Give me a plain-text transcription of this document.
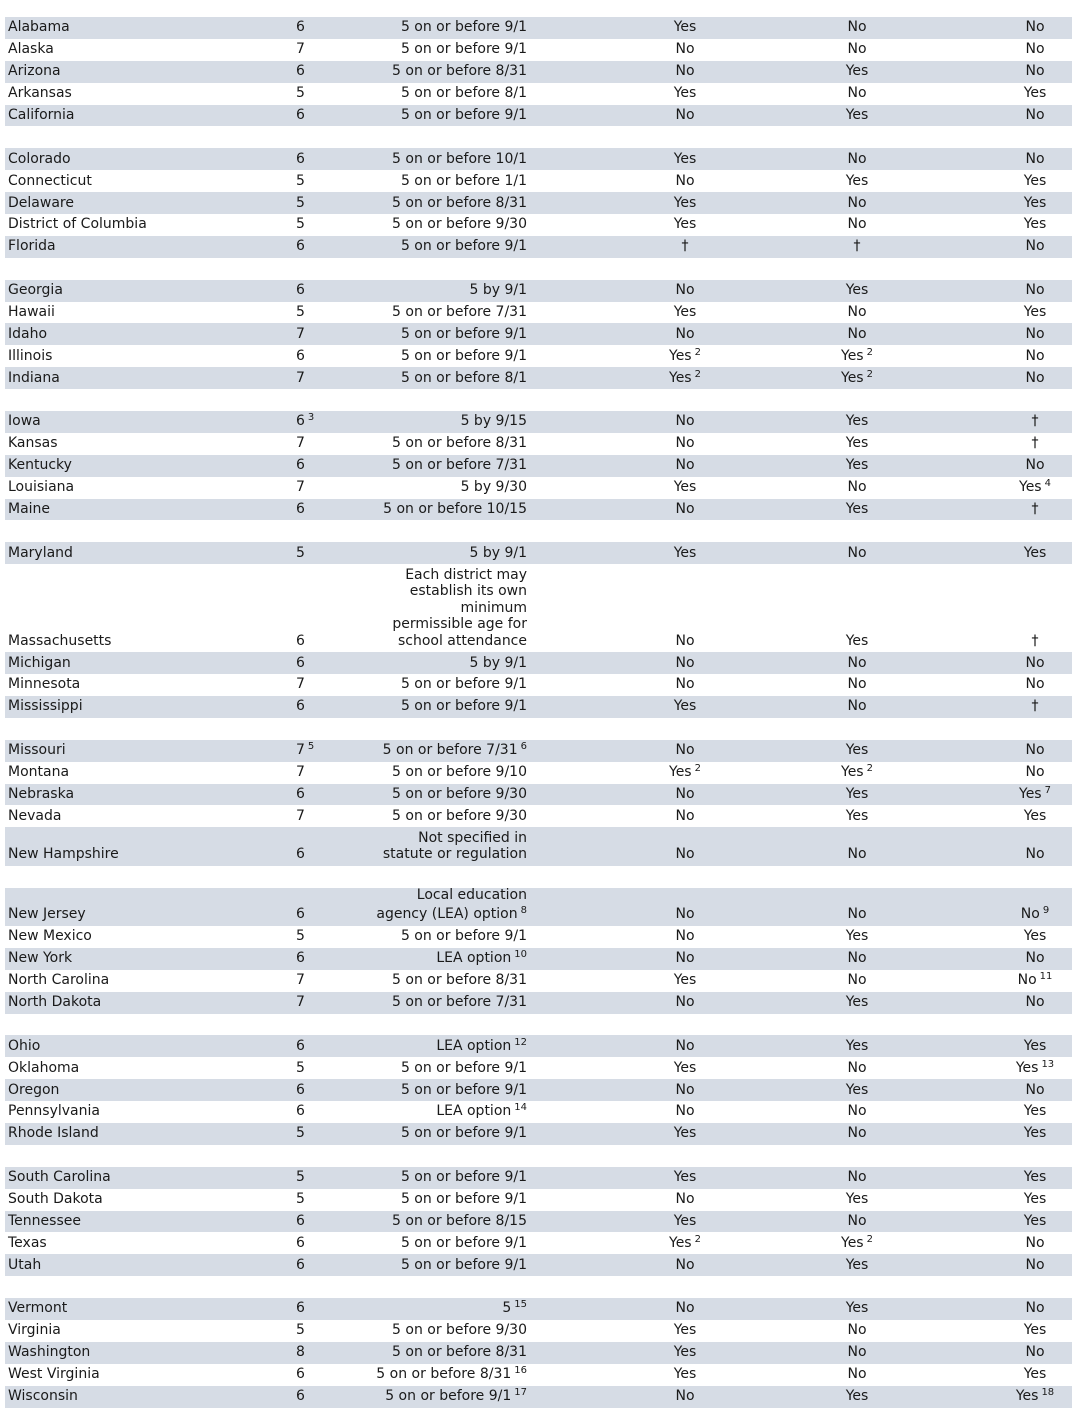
Alabama	6	5 on or before 9/1	Yes	No	No
Alaska	7	5 on or before 9/1	No	No	No
Arizona	6	5 on or before 8/31	No	Yes	No
Arkansas	5	5 on or before 8/1	Yes	No	Yes
California	6	5 on or before 9/1	No	Yes	No
Colorado	6	5 on or before 10/1	Yes	No	No
Connecticut	5	5 on or before 1/1	No	Yes	Yes
Delaware	5	5 on or before 8/31	Yes	No	Yes
District of Columbia	5	5 on or before 9/30	Yes	No	Yes
Florida	6	5 on or before 9/1	†	†	No
Georgia	6	5 by 9/1	No	Yes	No
Hawaii	5	5 on or before 7/31	Yes	No	Yes
Idaho	7	5 on or before 9/1	No	No	No
Illinois	6	5 on or before 9/1	Yes $^2$	Yes $^2$	No
Indiana	7	5 on or before 8/1	Yes $^2$	Yes $^2$	No
Iowa	6 $^3$	5 by 9/15	No	Yes	†
Kansas	7	5 on or before 8/31	No	Yes	†
Kentucky	6	5 on or before 7/31	No	Yes	No
Louisiana	7	5 by 9/30	Yes	No	Yes $^4$
Maine	6	5 on or before 10/15	No	Yes	†
Maryland	5	5 by 9/1	Yes	No	Yes
Massachusetts	6
Each district may
establish its own
minimum
permissible age for
school attendance	No	Yes	†
Michigan	6	5 by 9/1	No	No	No
Minnesota	7	5 on or before 9/1	No	No	No
Mississippi	6	5 on or before 9/1	Yes	No	†
Missouri	7 $^5$	5 on or before 7/31 $^6$	No	Yes	No
Montana	7	5 on or before 9/10	Yes $^2$	Yes $^2$	No
Nebraska	6	5 on or before 9/30	No	Yes	Yes $^7$
Nevada	7	5 on or before 9/30	No	Yes	Yes
New Hampshire	6
Not specified in
statute or regulation	No	No	No
New Jersey	6
Local education
agency (LEA) option $^8$	No	No	No $^9$
New Mexico	5	5 on or before 9/1	No	Yes	Yes
New York	6	LEA option $^{10}$	No	No	No
North Carolina	7	5 on or before 8/31	Yes	No	No $^{11}$
North Dakota	7	5 on or before 7/31	No	Yes	No
Ohio	6	LEA option $^{12}$	No	Yes	Yes
Oklahoma	5	5 on or before 9/1	Yes	No	Yes $^{13}$
Oregon	6	5 on or before 9/1	No	Yes	No
Pennsylvania	6	LEA option $^{14}$	No	No	Yes
Rhode Island	5	5 on or before 9/1	Yes	No	Yes
South Carolina	5	5 on or before 9/1	Yes	No	Yes
South Dakota	5	5 on or before 9/1	No	Yes	Yes
Tennessee	6	5 on or before 8/15	Yes	No	Yes
Texas	6	5 on or before 9/1	Yes $^2$	Yes $^2$	No
Utah	6	5 on or before 9/1	No	Yes	No
Vermont	6	5 $^{15}$	No	Yes	No
Virginia	5	5 on or before 9/30	Yes	No	Yes
Washington	8	5 on or before 8/31	Yes	No	No
West Virginia	6	5 on or before 8/31 $^{16}$	Yes	No	Yes
Wisconsin	6	5 on or before 9/1 $^{17}$	No	Yes	Yes $^{18}$
